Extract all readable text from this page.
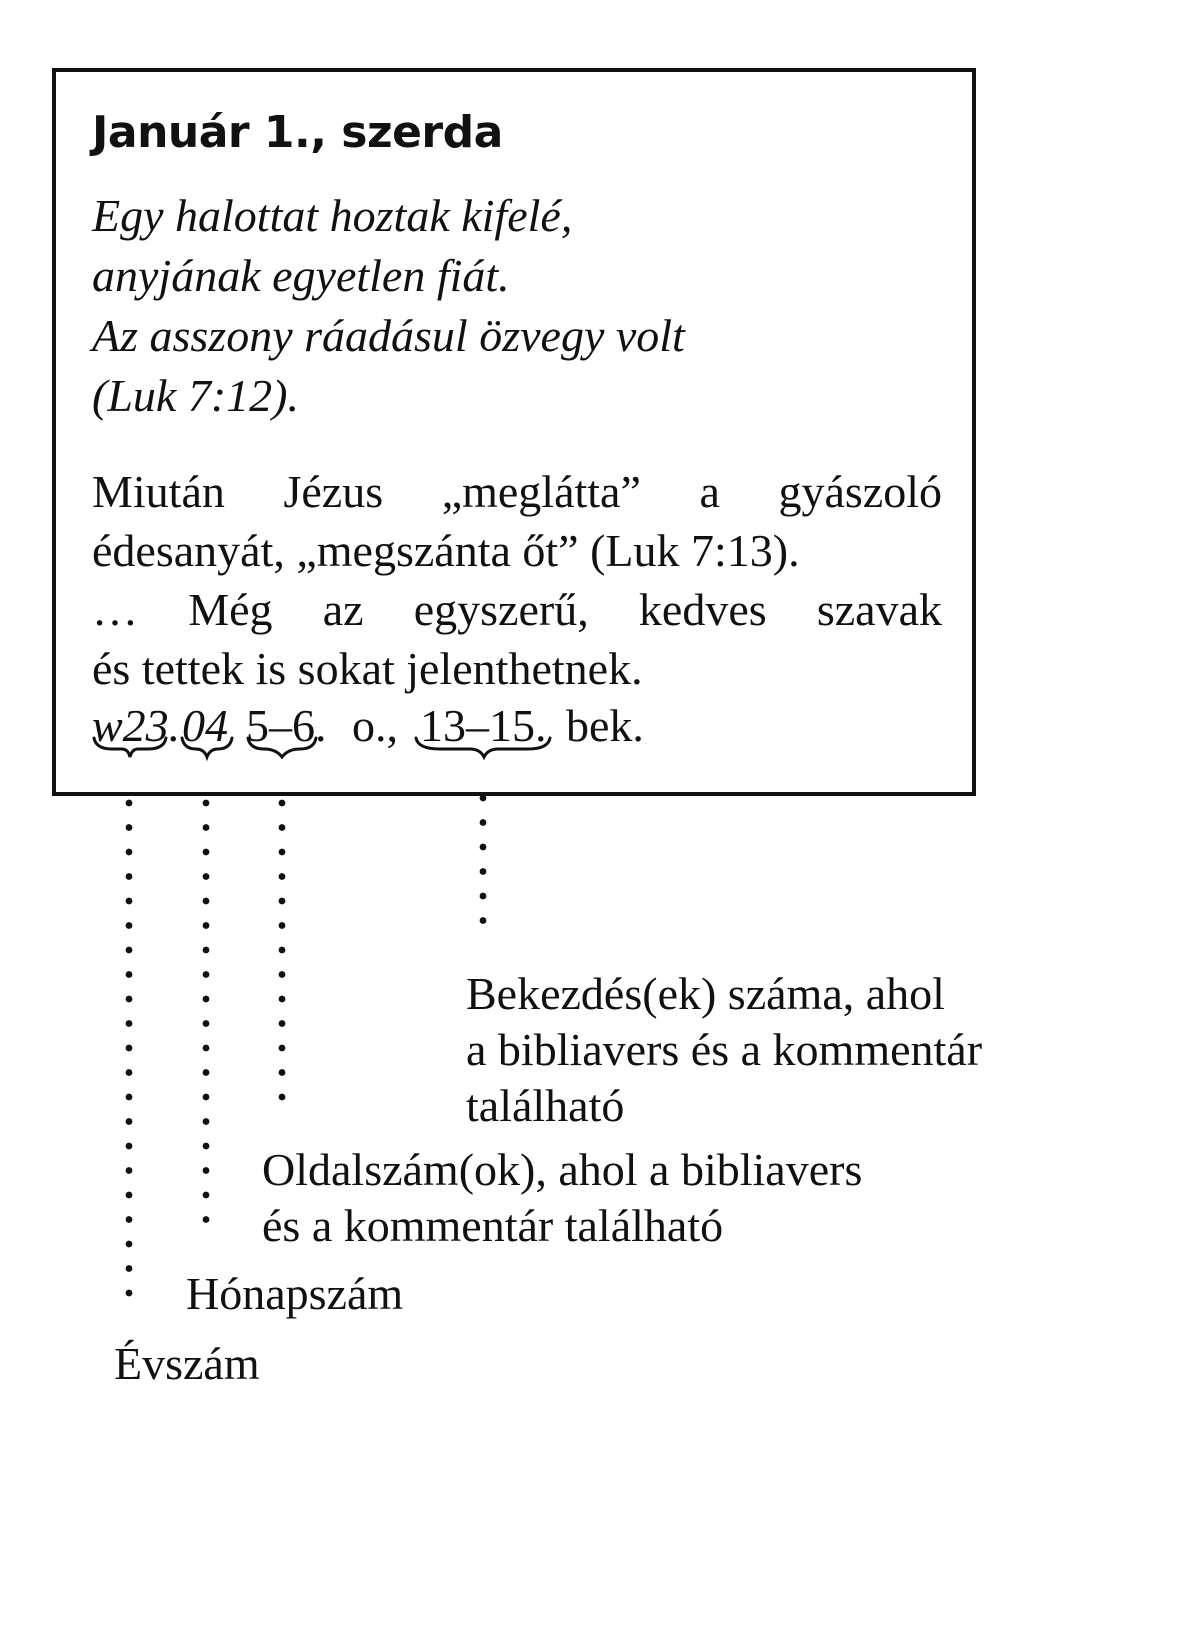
Január 1., szerda

Egy halottat hoztak kifelé,
anyjának egyetlen fiát.
Az asszony ráadásul özvegy volt
(Luk 7:12).

Miután Jézus „meglátta” a gyászoló
édesanyát, „megszánta őt” (Luk 7:13).
… Még az egyszerű, kedves szavak
és tettek is sokat jelenthetnek.

w23. 04 5–6. o., 13–15. bek.

Bekezdés(ek) száma, ahol
a bibliavers és a kommentár
található

Oldalszám(ok), ahol a bibliavers
és a kommentár található

Hónapszám

Évszám
